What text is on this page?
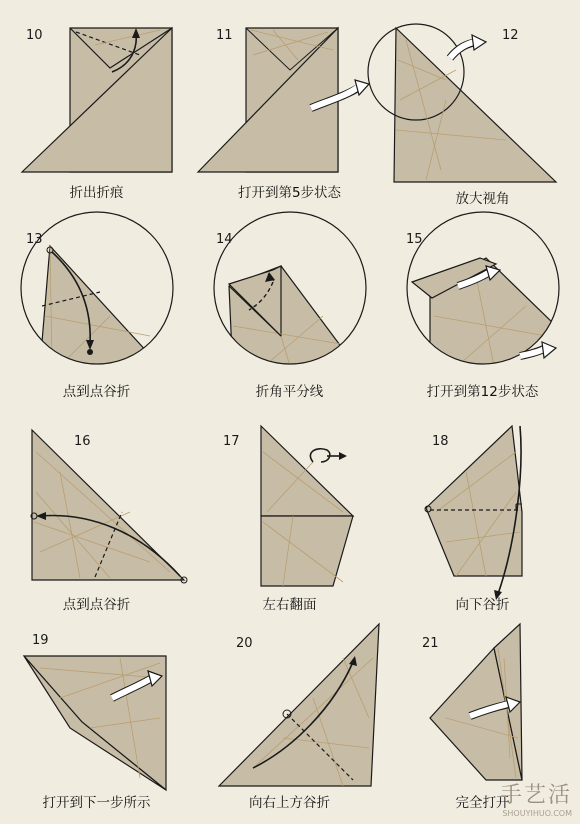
10
折出折痕
11
打开到第5步状态
12
放大视角
13
点到点谷折
14
折角平分线
15
打开到第12步状态
16
点到点谷折
17
左右翻面
18
向下谷折
19
打开到下一步所示
20
向右上方谷折
21
完全打开
手艺活
SHOUYIHUO.COM
